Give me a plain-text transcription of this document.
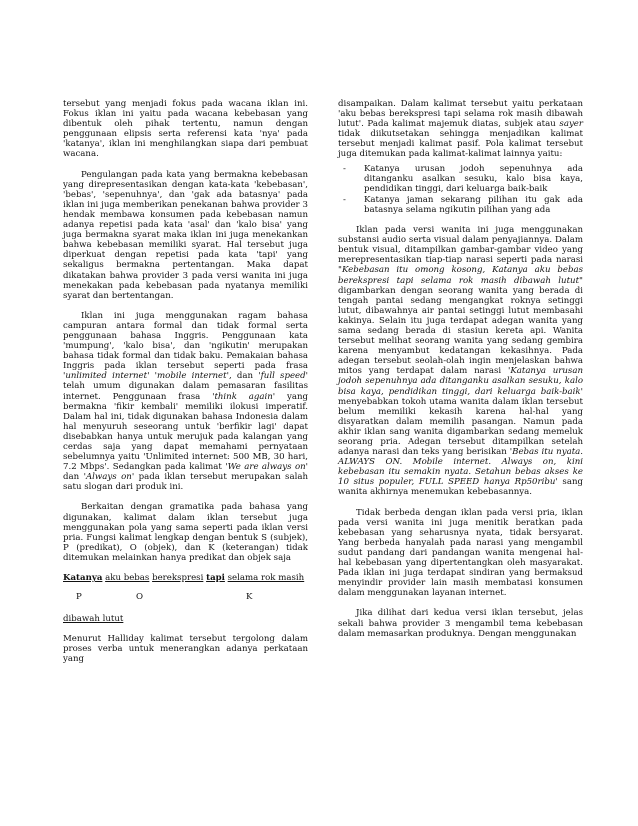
tersebut yang menjadi fokus pada wacana iklan ini. Fokus iklan ini yaitu pada wacana kebebasan yang dibentuk oleh pihak tertentu, namun dengan penggunaan elipsis serta referensi kata 'nya' pada 'katanya', iklan ini menghilangkan siapa dari pembuat wacana.

Pengulangan pada kata yang bermakna kebebasan yang direpresentasikan dengan kata-kata 'kebebasan', 'bebas', 'sepenuhnya', dan 'gak ada batasnya' pada iklan ini juga memberikan penekanan bahwa provider 3 hendak membawa konsumen pada kebebasan namun adanya repetisi pada kata 'asal' dan 'kalo bisa' yang juga bermakna syarat maka iklan ini juga menekankan bahwa kebebasan memiliki syarat. Hal tersebut juga diperkuat dengan repetisi pada kata 'tapi' yang sekaligus bermakna pertentangan. Maka dapat dikatakan bahwa provider 3 pada versi wanita ini juga menekakan pada kebebasan pada nyatanya memiliki syarat dan bertentangan.

Iklan ini juga menggunakan ragam bahasa campuran antara formal dan tidak formal serta penggunaan bahasa Inggris. Penggunaan kata 'mumpung', 'kalo bisa', dan 'ngikutin' merupakan bahasa tidak formal dan tidak baku. Pemakaian bahasa Inggris pada iklan tersebut seperti pada frasa 'unlimited internet' 'mobile internet', dan 'full speed' telah umum digunakan dalam pemasaran fasilitas internet. Penggunaan frasa 'think again' yang bermakna 'fikir kembali' memiliki ilokusi imperatif. Dalam hal ini, tidak digunakan bahasa Indonesia dalam hal menyuruh seseorang untuk 'berfikir lagi' dapat disebabkan hanya untuk merujuk pada kalangan yang cerdas saja yang dapat memahami pernyataan sebelumnya yaitu 'Unlimited internet: 500 MB, 30 hari, 7.2 Mbps'. Sedangkan pada kalimat 'We are always on' dan 'Always on' pada iklan tersebut merupakan salah satu slogan dari produk ini.

Berkaitan dengan gramatika pada bahasa yang digunakan, kalimat dalam iklan tersebut juga menggunakan pola yang sama seperti pada iklan versi pria. Fungsi kalimat lengkap dengan bentuk S (subjek), P (predikat), O (objek), dan K (keterangan) tidak ditemukan melainkan hanya predikat dan objek saja

Katanya aku bebas berekspresi tapi selama rok masih

P	O	K

dibawah lutut

Menurut Halliday kalimat tersebut tergolong dalam proses verba untuk menerangkan adanya perkataan yang

disampaikan. Dalam kalimat tersebut yaitu perkataan 'aku bebas berekspresi tapi selama rok masih dibawah lutut'. Pada kalimat majemuk diatas, subjek atau sayer tidak diikutsetakan sehingga menjadikan kalimat tersebut menjadi kalimat pasif. Pola kalimat tersebut juga ditemukan pada kalimat-kalimat lainnya yaitu:

- Katanya urusan jodoh sepenuhnya ada ditanganku asalkan sesuku, kalo bisa kaya, pendidikan tinggi, dari keluarga baik-baik
- Katanya jaman sekarang pilihan itu gak ada batasnya selama ngikutin pilihan yang ada

Iklan pada versi wanita ini juga menggunakan substansi audio serta visual dalam penyajiannya. Dalam bentuk visual, ditampilkan gambar-gambar video yang merepresentasikan tiap-tiap narasi seperti pada narasi "Kebebasan itu omong kosong, Katanya aku bebas berekspresi tapi selama rok masih dibawah lutut" digambarkan dengan seorang wanita yang berada di tengah pantai sedang mengangkat roknya setinggi lutut, dibawahnya air pantai setinggi lutut membasahi kakinya. Selain itu juga terdapat adegan wanita yang sama sedang berada di stasiun kereta api. Wanita tersebut melihat seorang wanita yang sedang gembira karena menyambut kedatangan kekasihnya. Pada adegan tersebut seolah-olah ingin menjelaskan bahwa mitos yang terdapat dalam narasi 'Katanya urusan jodoh sepenuhnya ada ditanganku asalkan sesuku, kalo bisa kaya, pendidikan tinggi, dari keluarga baik-baik' menyebabkan tokoh utama wanita dalam iklan tersebut belum memiliki kekasih karena hal-hal yang disyaratkan dalam memilih pasangan. Namun pada akhir iklan sang wanita digambarkan sedang memeluk seorang pria. Adegan tersebut ditampilkan setelah adanya narasi dan teks yang berisikan 'Bebas itu nyata. ALWAYS ON. Mobile internet. Always on, kini kebebasan itu semakin nyata. Setahun bebas akses ke 10 situs populer, FULL SPEED hanya Rp50ribu' sang wanita akhirnya menemukan kebebasannya.

Tidak berbeda dengan iklan pada versi pria, iklan pada versi wanita ini juga menitik beratkan pada kebebasan yang seharusnya nyata, tidak bersyarat. Yang berbeda hanyalah pada narasi yang mengambil sudut pandang dari pandangan wanita mengenai hal-hal kebebasan yang dipertentangkan oleh masyarakat. Pada iklan ini juga terdapat sindiran yang bermaksud menyindir provider lain masih membatasi konsumen dalam menggunakan layanan internet.

Jika dilihat dari kedua versi iklan tersebut, jelas sekali bahwa provider 3 mengambil tema kebebasan dalam memasarkan produknya. Dengan menggunakan
